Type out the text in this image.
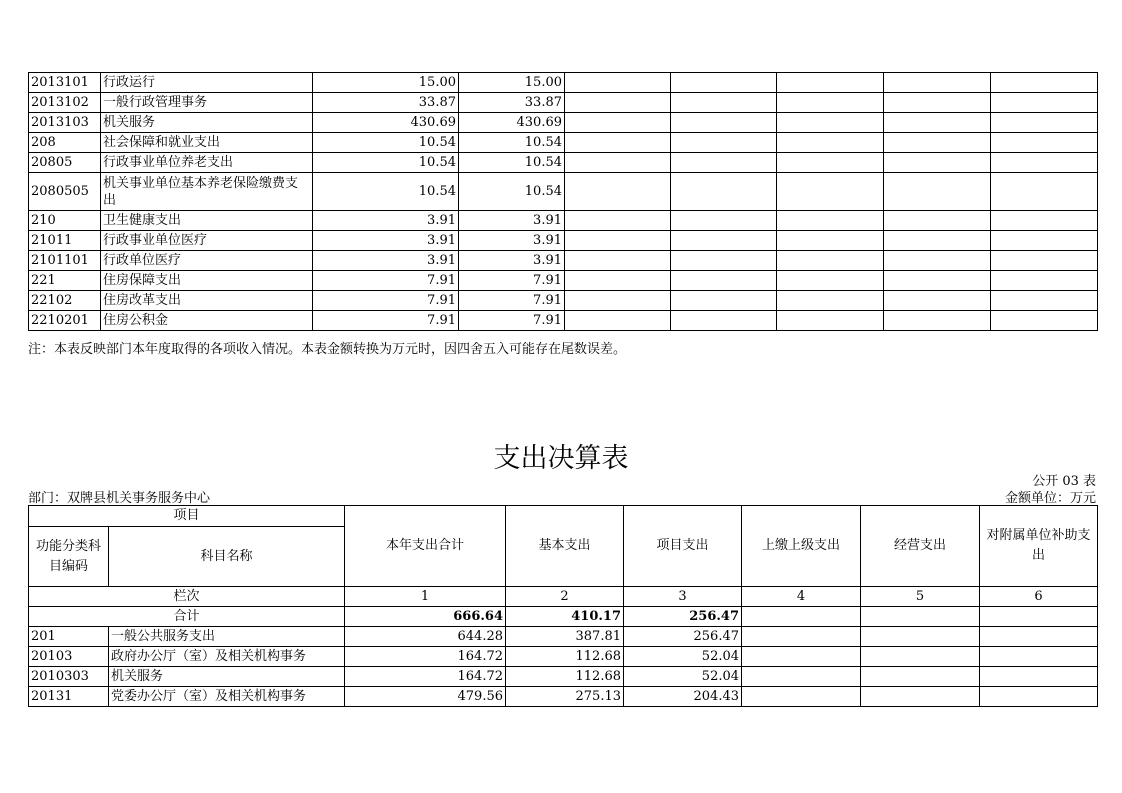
2013101	行政运行	15.00	15.00					
2013102	一般行政管理事务	33.87	33.87					
2013103	机关服务	430.69	430.69					
208	社会保障和就业支出	10.54	10.54					
20805	行政事业单位养老支出	10.54	10.54					
2080505	机关事业单位基本养老保险缴费支出	10.54	10.54					
210	卫生健康支出	3.91	3.91					
21011	行政事业单位医疗	3.91	3.91					
2101101	行政单位医疗	3.91	3.91					
221	住房保障支出	7.91	7.91					
22102	住房改革支出	7.91	7.91					
2210201	住房公积金	7.91	7.91					
注：本表反映部门本年度取得的各项收入情况。本表金额转换为万元时，因四舍五入可能存在尾数误差。
支出决算表
公开 03 表
部门：双牌县机关事务服务中心	金额单位：万元
项目		本年支出合计	基本支出	项目支出	上缴上级支出	经营支出	对附属单位补助支出
功能分类科目编码	科目名称						
栏次		1	2	3	4	5	6
合计		666.64	410.17	256.47			
201	一般公共服务支出	644.28	387.81	256.47			
20103	政府办公厅（室）及相关机构事务	164.72	112.68	52.04			
2010303	机关服务	164.72	112.68	52.04			
20131	党委办公厅（室）及相关机构事务	479.56	275.13	204.43			
